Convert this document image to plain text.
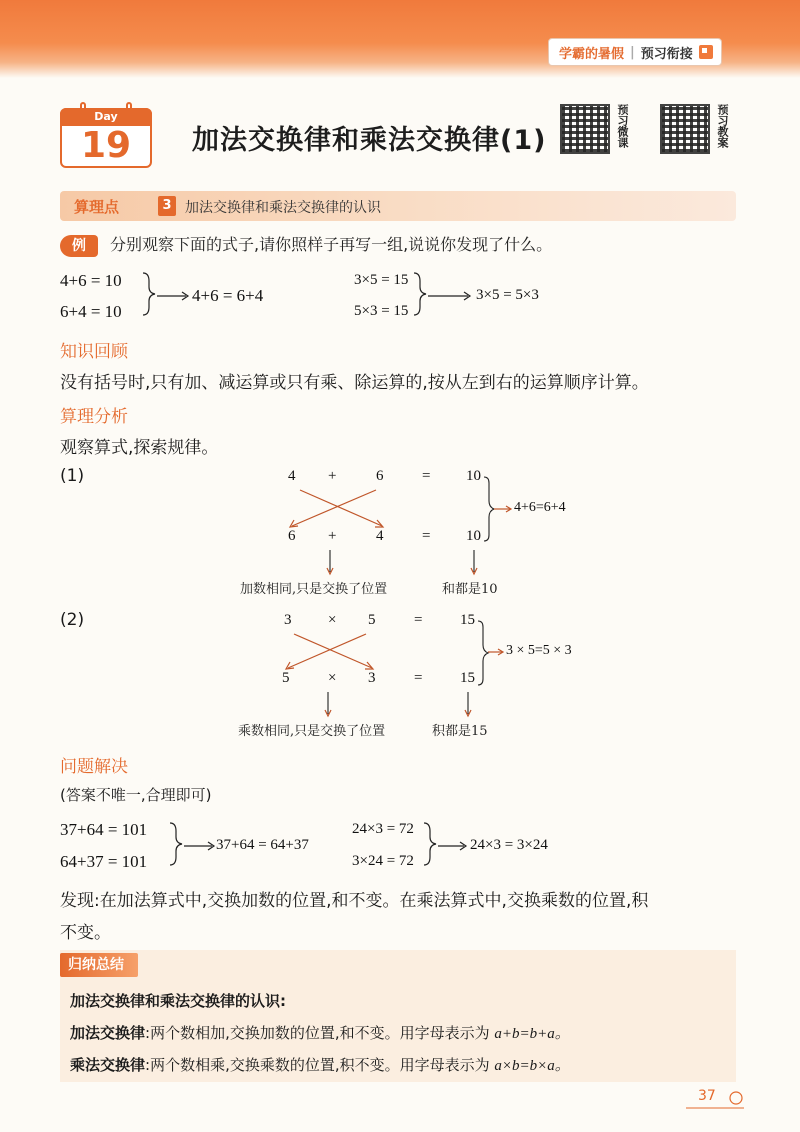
学霸的暑假 | 预习衔接
Day
19	加法交换律和乘法交换律(1)	预习微课	预习教案
算理点	3 加法交换律和乘法交换律的认识
例	分别观察下面的式子,请你照样子再写一组,说说你发现了什么。
4+6 = 10
6+4 = 10
4+6 = 6+4
3×5 = 15
5×3 = 15
3×5 = 5×3
知识回顾
没有括号时,只有加、减运算或只有乘、除运算的,按从左到右的运算顺序计算。
算理分析
观察算式,探索规律。
(1)	4 +	6	= 10
6 +	4	= 10
4+6=6+4
加数相同,只是交换了位置	和都是10
(2)	3 × 5	=	15
5	× 3	=	15
3 × 5=5 × 3
乘数相同,只是交换了位置	积都是15
问题解决
(答案不唯一,合理即可)
37+64 = 101
64+37 = 101
37+64 = 64+37
24×3 = 72
3×24 = 72
24×3 = 3×24
发现:在加法算式中,交换加数的位置,和不变。在乘法算式中,交换乘数的位置,积
不变。
归纳总结
加法交换律和乘法交换律的认识:
加法交换律:两个数相加,交换加数的位置,和不变。用字母表示为 a+b=b+a。
乘法交换律:两个数相乘,交换乘数的位置,积不变。用字母表示为 a×b=b×a。
37
